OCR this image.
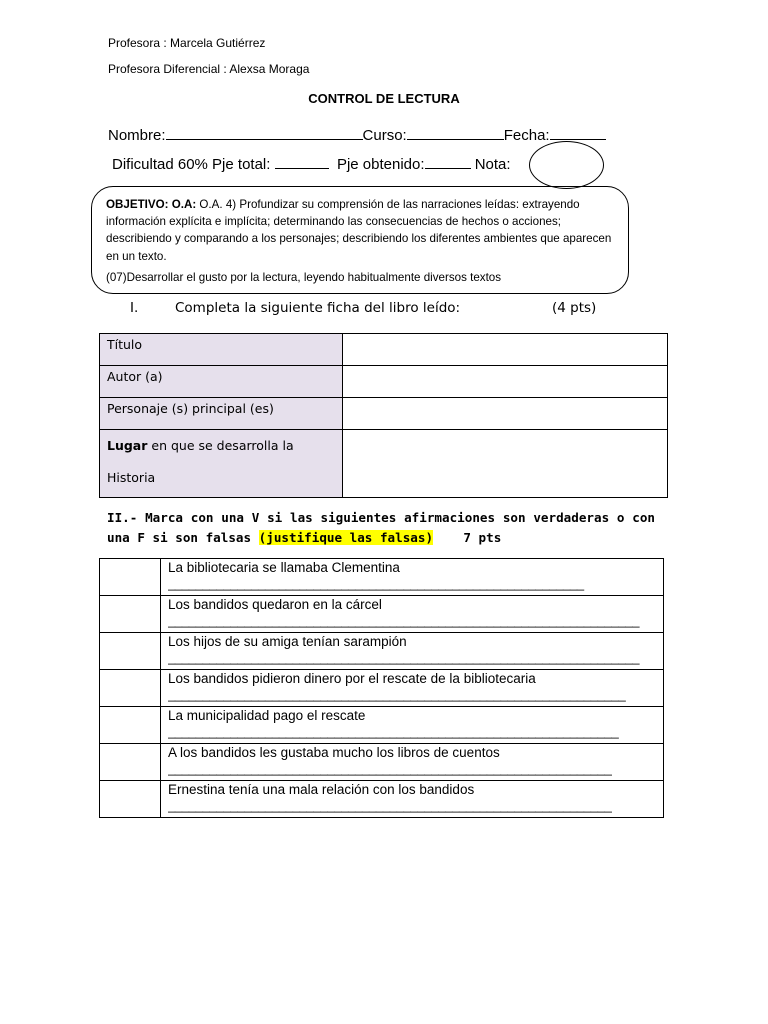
Profesora : Marcela Gutiérrez
Profesora Diferencial : Alexsa Moraga
CONTROL DE LECTURA
Nombre:	Curso:	Fecha:
Dificultad 60% Pje total:	Pje obtenido:	Nota:

OBJETIVO: O.A: O.A. 4) Profundizar su comprensión de las narraciones leídas: extrayendo información explícita e implícita; determinando las consecuencias de hechos o acciones; describiendo y comparando a los personajes; describiendo los diferentes ambientes que aparecen en un texto.

(07)Desarrollar el gusto por la lectura, leyendo habitualmente diversos textos

I.	Completa la siguiente ficha del libro leído:	(4 pts)
Título	
Autor (a)	
Personaje (s) principal (es)	
Lugar en que se desarrolla la
Historia	
II.- Marca con una V si las siguientes afirmaciones son verdaderas o con una F si son falsas (justifique las falsas)    7 pts
	La bibliotecaria se llamaba Clementina
____________________________________________________________

	Los bandidos quedaron en la cárcel
____________________________________________________________________

	Los hijos de su amiga tenían sarampión
____________________________________________________________________

	Los bandidos pidieron dinero por el rescate de la bibliotecaria
__________________________________________________________________

	La municipalidad pago el rescate
_________________________________________________________________

	A los bandidos les gustaba mucho los libros de cuentos
________________________________________________________________

	Ernestina tenía una mala relación con los bandidos
________________________________________________________________
